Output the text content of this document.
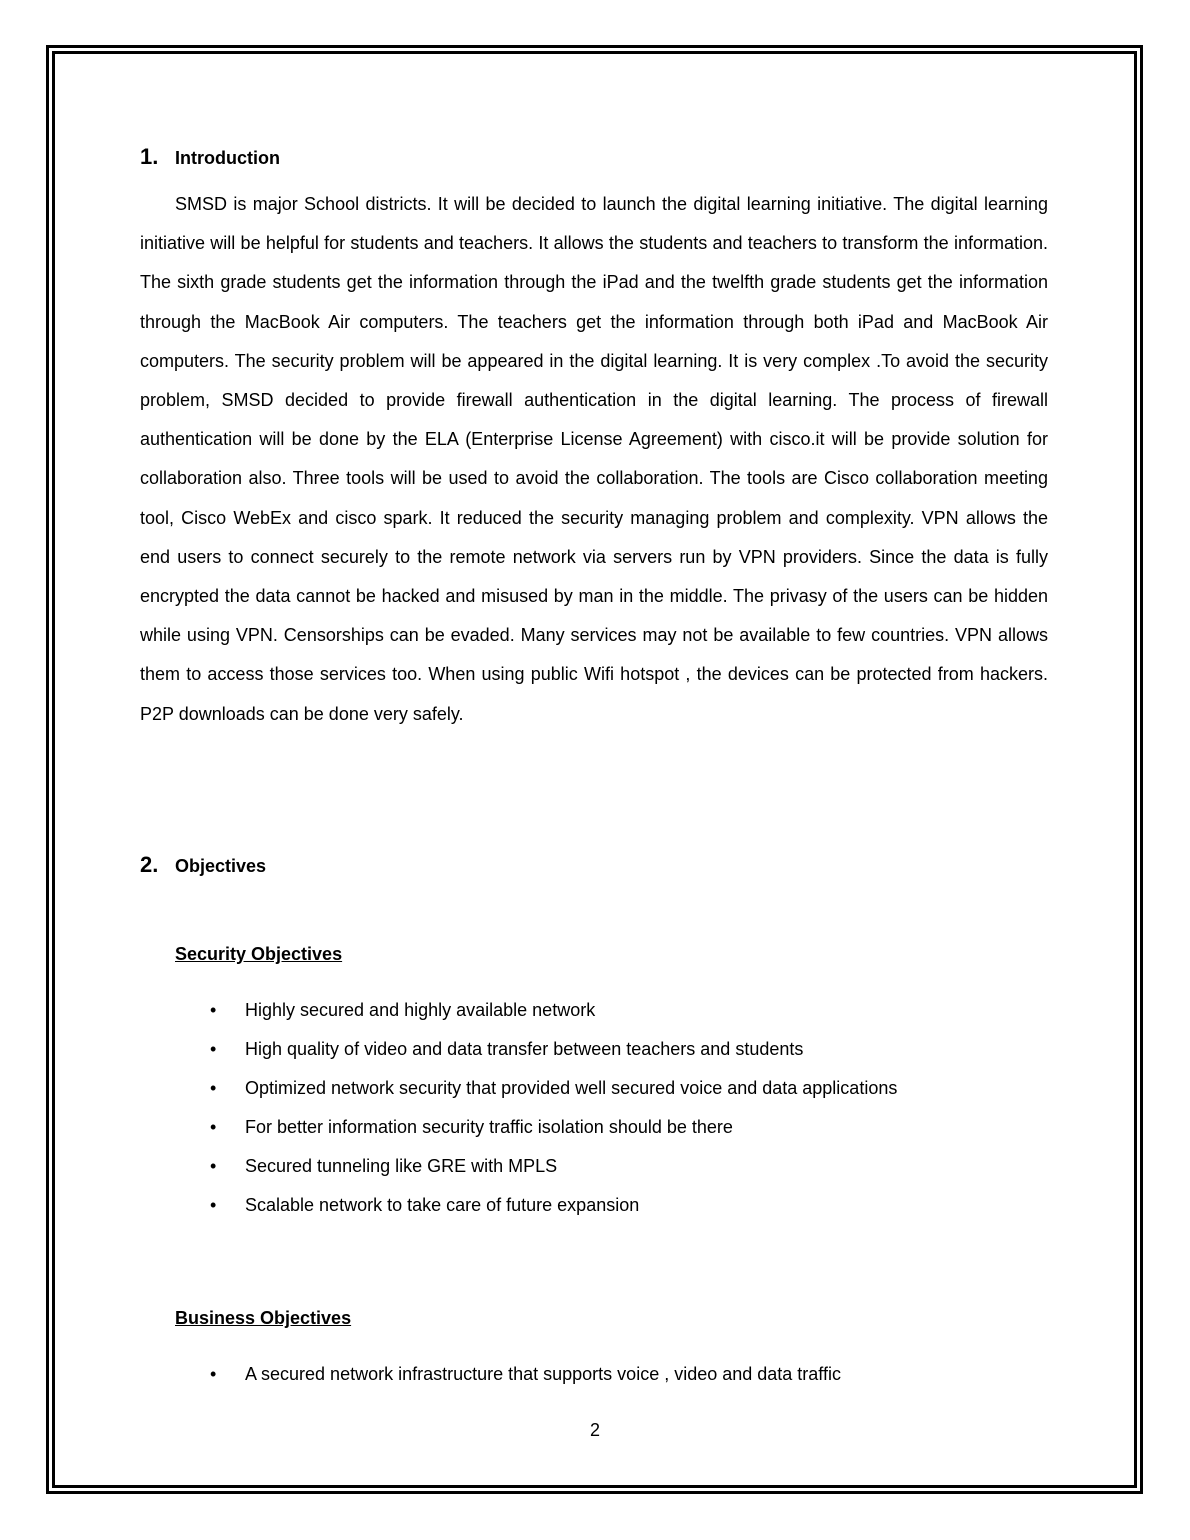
1. Introduction
SMSD is major School districts. It will be decided to launch the digital learning initiative. The digital learning initiative will be helpful for students and teachers. It allows the students and teachers to transform the information. The sixth grade students get the information through the iPad and the twelfth grade students get the information through the MacBook Air computers. The teachers get the information through both iPad and MacBook Air computers. The security problem will be appeared in the digital learning. It is very complex .To avoid the security problem, SMSD decided to provide firewall authentication in the digital learning. The process of firewall authentication will be done by the ELA (Enterprise License Agreement) with cisco.it will be provide solution for collaboration also. Three tools will be used to avoid the collaboration. The tools are Cisco collaboration meeting tool, Cisco WebEx and cisco spark. It reduced the security managing problem and complexity. VPN allows the end users to connect securely to the remote network via servers run by VPN providers. Since the data is fully encrypted the data cannot be hacked and misused by man in the middle. The privasy of the users can be hidden while using VPN. Censorships can be evaded. Many services may not be available to few countries. VPN allows them to access those services too. When using public Wifi hotspot , the devices can be protected from hackers. P2P downloads can be done very safely.
2. Objectives
Security Objectives
•	Highly secured and highly available network
•	High quality of video and data transfer between teachers and students
•	Optimized network security that provided well secured voice and data applications
•	For better information security traffic isolation should be there
•	Secured tunneling like GRE with MPLS
•	Scalable network to take care of future expansion
Business Objectives
•	A secured network infrastructure that supports voice , video and data traffic
2
